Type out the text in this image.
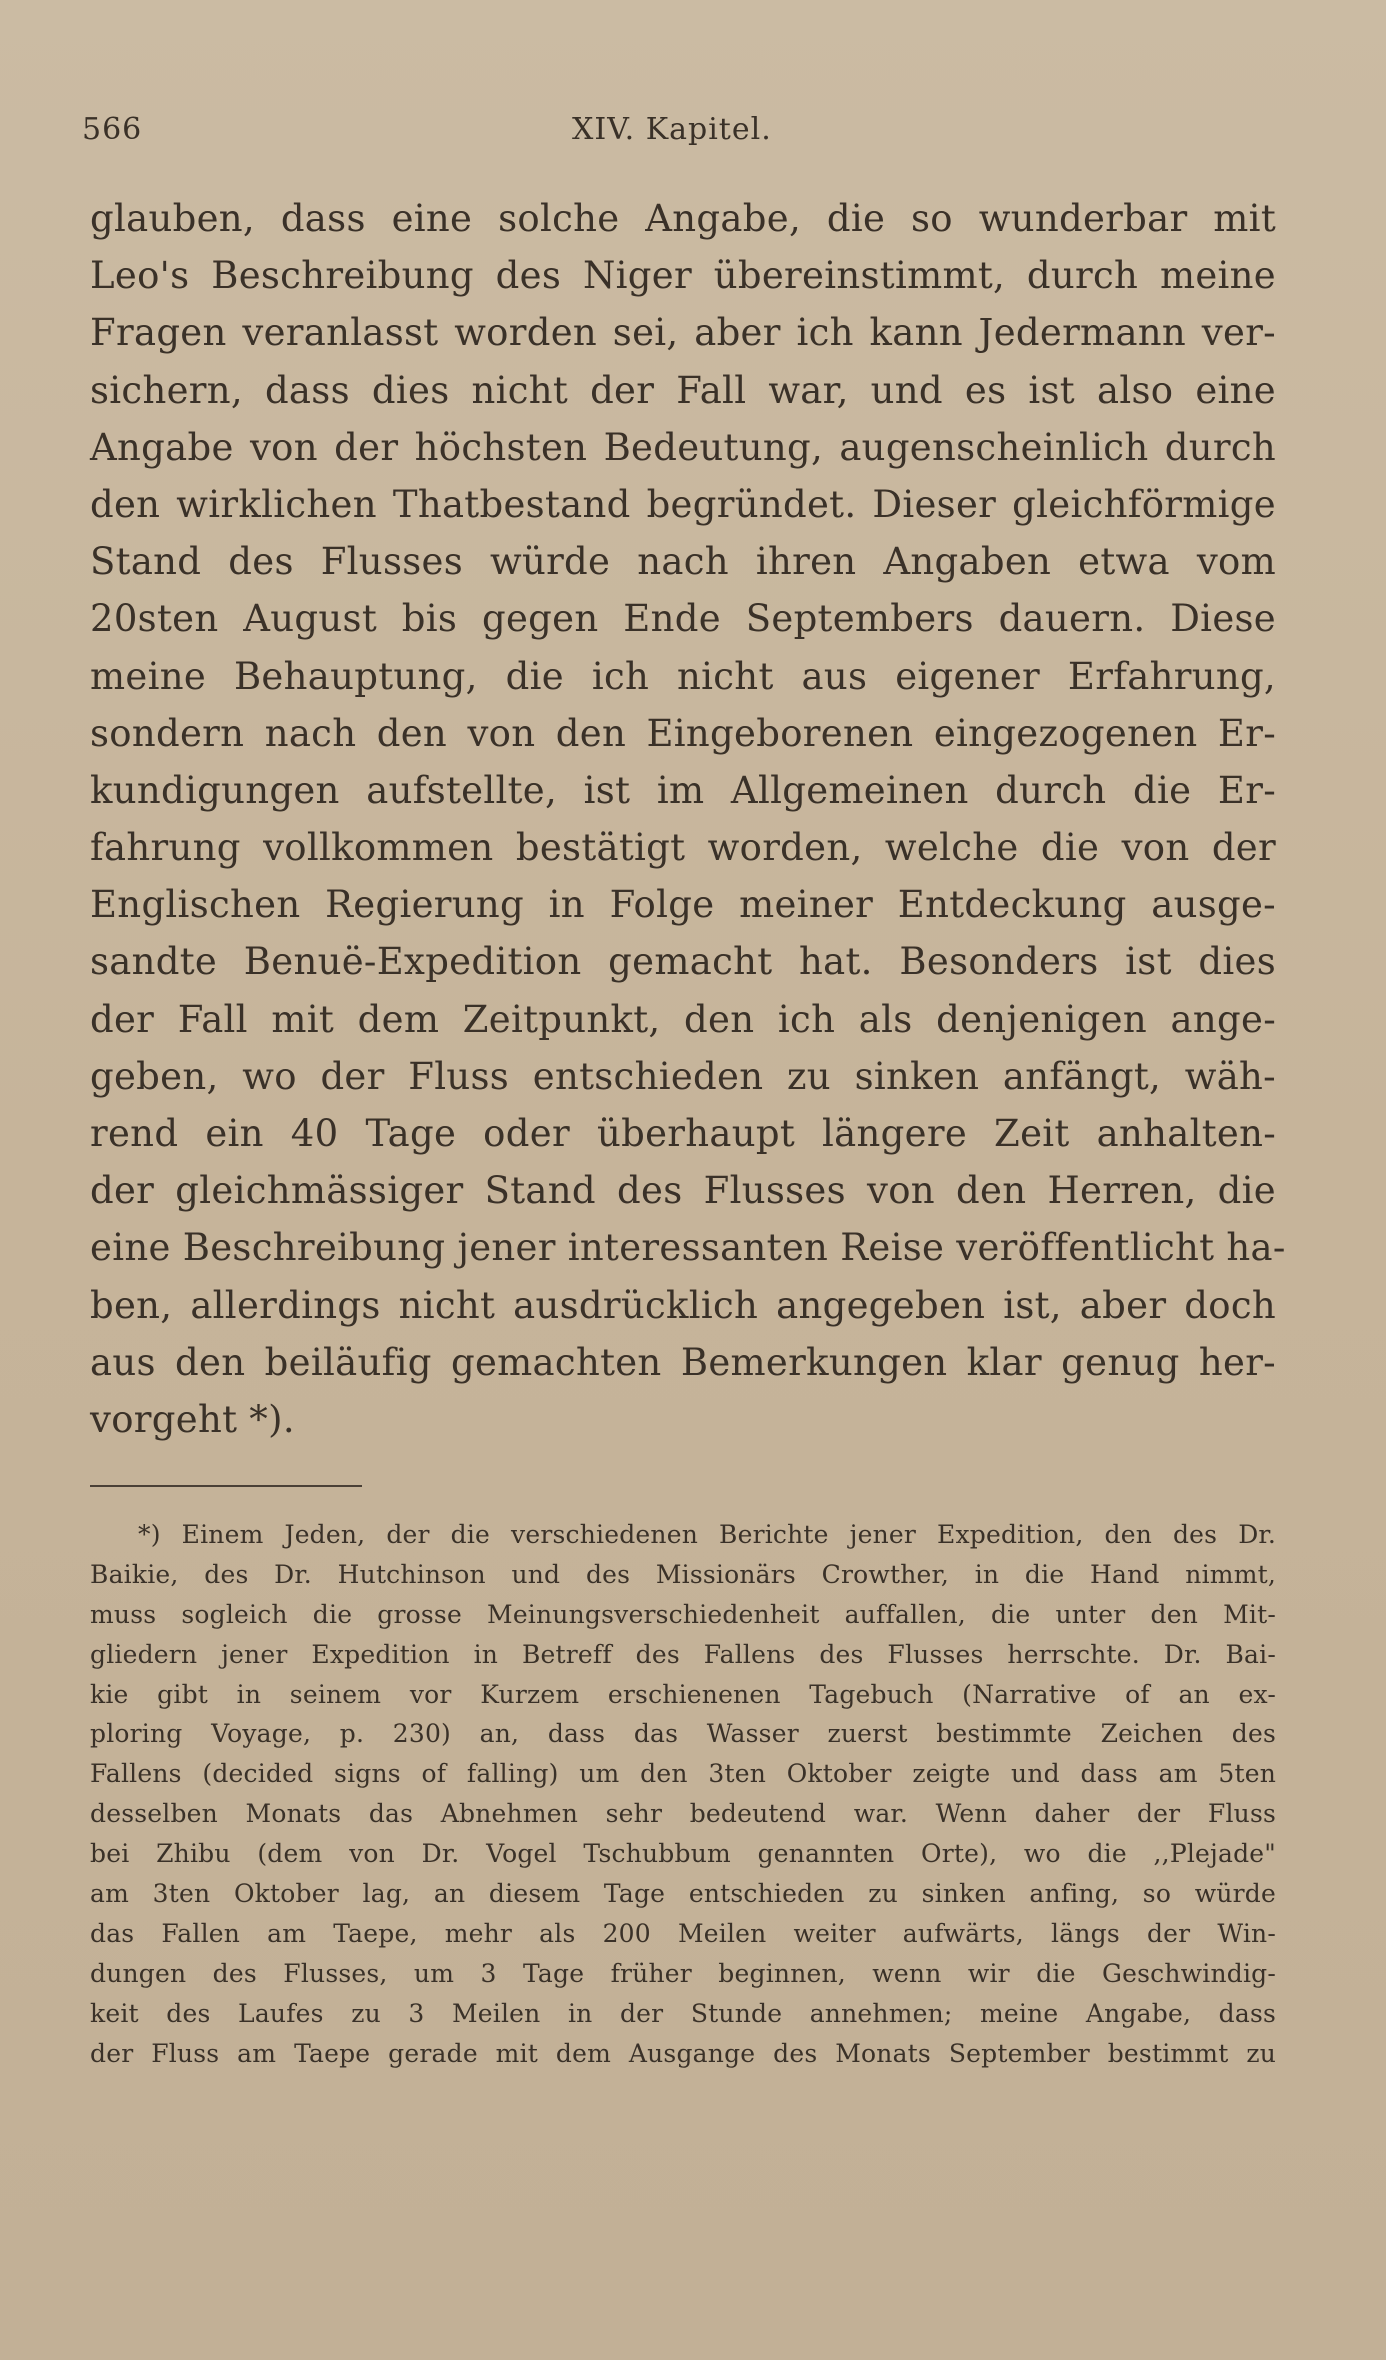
566	XIV. Kapitel.
glauben, dass eine solche Angabe, die so wunderbar mit
Leo's Beschreibung des Niger übereinstimmt, durch meine
Fragen veranlasst worden sei, aber ich kann Jedermann ver-
sichern, dass dies nicht der Fall war, und es ist also eine
Angabe von der höchsten Bedeutung, augenscheinlich durch
den wirklichen Thatbestand begründet. Dieser gleichförmige
Stand des Flusses würde nach ihren Angaben etwa vom
20sten August bis gegen Ende Septembers dauern. Diese
meine Behauptung, die ich nicht aus eigener Erfahrung,
sondern nach den von den Eingeborenen eingezogenen Er-
kundigungen aufstellte, ist im Allgemeinen durch die Er-
fahrung vollkommen bestätigt worden, welche die von der
Englischen Regierung in Folge meiner Entdeckung ausge-
sandte Benuë-Expedition gemacht hat. Besonders ist dies
der Fall mit dem Zeitpunkt, den ich als denjenigen ange-
geben, wo der Fluss entschieden zu sinken anfängt, wäh-
rend ein 40 Tage oder überhaupt längere Zeit anhalten-
der gleichmässiger Stand des Flusses von den Herren, die
eine Beschreibung jener interessanten Reise veröffentlicht ha-
ben, allerdings nicht ausdrücklich angegeben ist, aber doch
aus den beiläufig gemachten Bemerkungen klar genug her-
vorgeht *).
*) Einem Jeden, der die verschiedenen Berichte jener Expedition, den des Dr.
Baikie, des Dr. Hutchinson und des Missionärs Crowther, in die Hand nimmt,
muss sogleich die grosse Meinungsverschiedenheit auffallen, die unter den Mit-
gliedern jener Expedition in Betreff des Fallens des Flusses herrschte. Dr. Bai-
kie gibt in seinem vor Kurzem erschienenen Tagebuch (Narrative of an ex-
ploring Voyage, p. 230) an, dass das Wasser zuerst bestimmte Zeichen des
Fallens (decided signs of falling) um den 3ten Oktober zeigte und dass am 5ten
desselben Monats das Abnehmen sehr bedeutend war. Wenn daher der Fluss
bei Zhibu (dem von Dr. Vogel Tschubbum genannten Orte), wo die ,,Plejade"
am 3ten Oktober lag, an diesem Tage entschieden zu sinken anfing, so würde
das Fallen am Taepe, mehr als 200 Meilen weiter aufwärts, längs der Win-
dungen des Flusses, um 3 Tage früher beginnen, wenn wir die Geschwindig-
keit des Laufes zu 3 Meilen in der Stunde annehmen; meine Angabe, dass
der Fluss am Taepe gerade mit dem Ausgange des Monats September bestimmt zu
